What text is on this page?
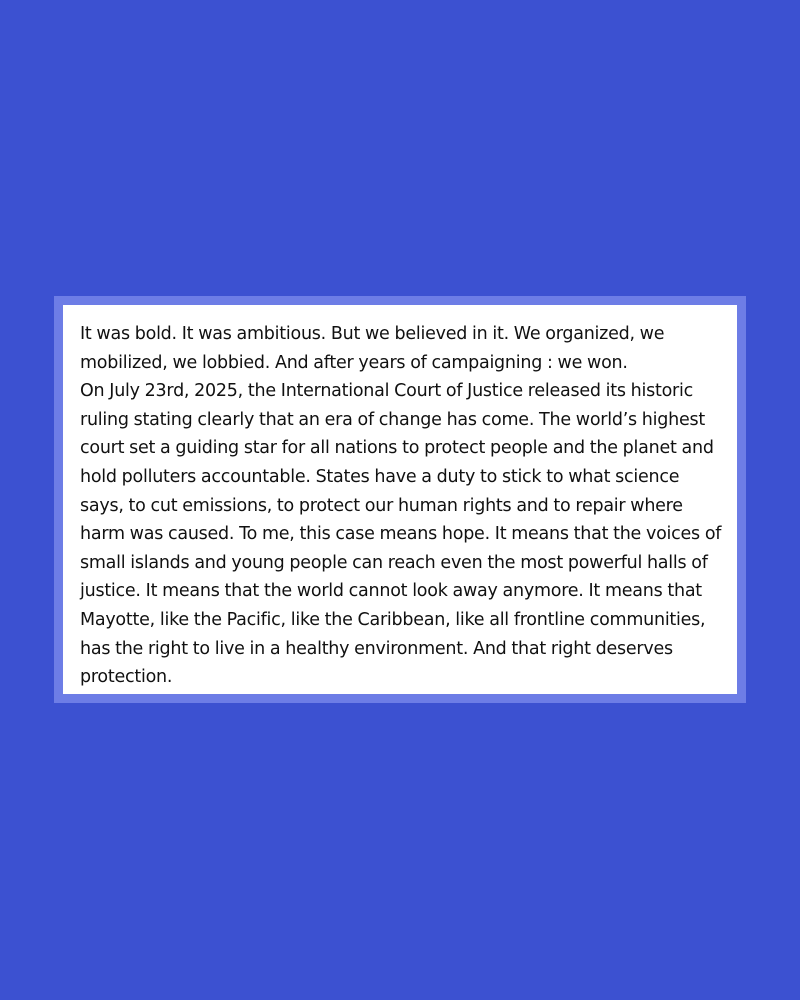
It was bold. It was ambitious. But we believed in it. We organized, we mobilized, we lobbied. And after years of campaigning : we won.

On July 23rd, 2025, the International Court of Justice released its historic ruling stating clearly that an era of change has come. The world’s highest court set a guiding star for all nations to protect people and the planet and hold polluters accountable. States have a duty to stick to what science says, to cut emissions, to protect our human rights and to repair where harm was caused. To me, this case means hope. It means that the voices of small islands and young people can reach even the most powerful halls of justice. It means that the world cannot look away anymore. It means that Mayotte, like the Pacific, like the Caribbean, like all frontline communities, has the right to live in a healthy environment. And that right deserves protection.
